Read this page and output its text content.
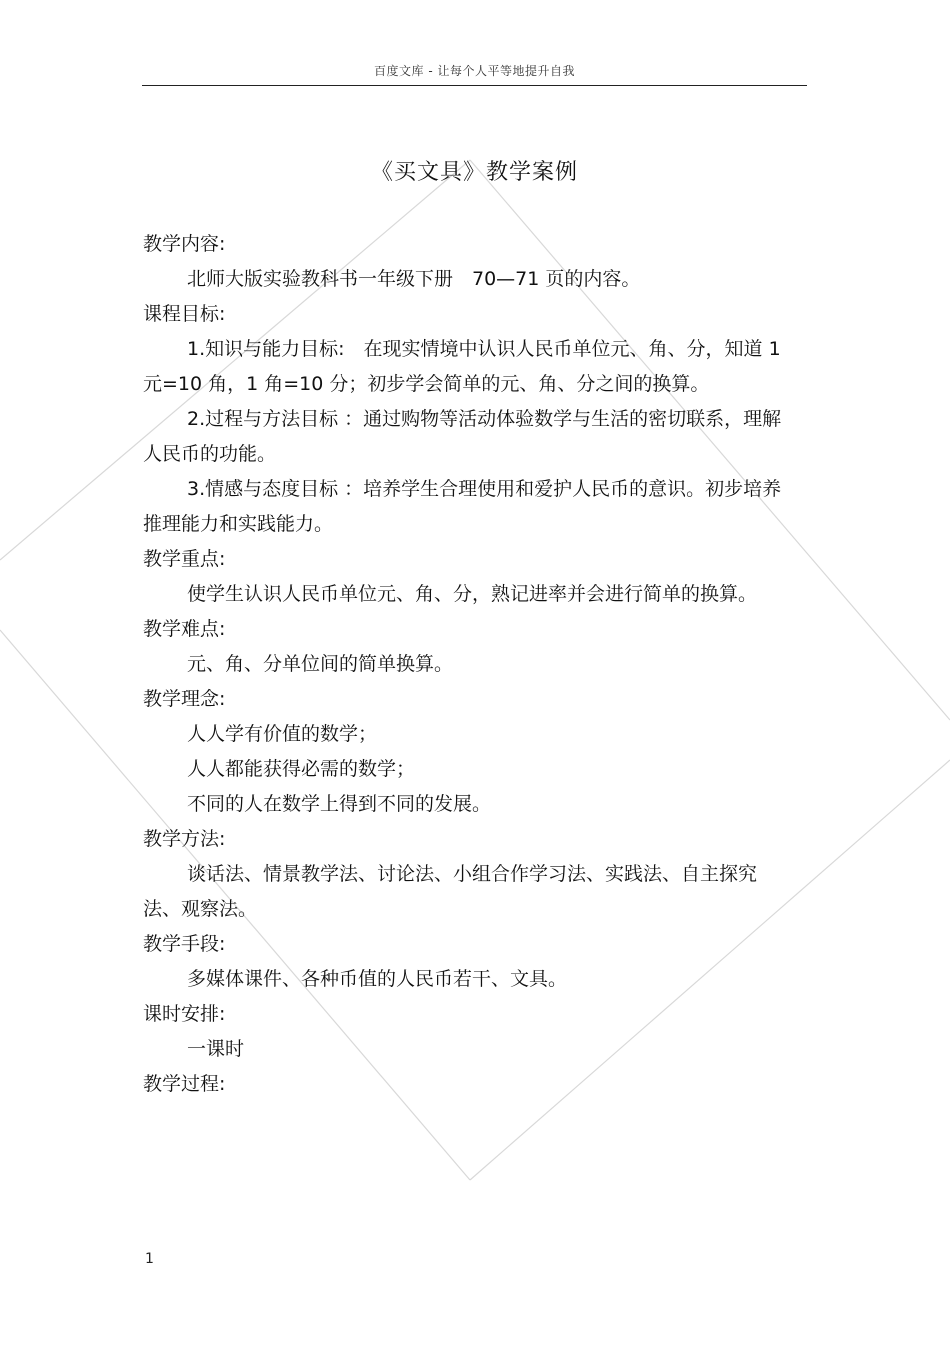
百度文库 - 让每个人平等地提升自我
《买文具》教学案例

教学内容:

北师大版实验教科书一年级下册　70—71 页的内容。

课程目标:

1.知识与能力目标:　在现实情境中认识人民币单位元、角、分，知道 1 元=10 角，1 角=10 分；初步学会简单的元、角、分之间的换算。

2.过程与方法目标 ：通过购物等活动体验数学与生活的密切联系，理解人民币的功能。

3.情感与态度目标 ：培养学生合理使用和爱护人民币的意识。初步培养推理能力和实践能力。

教学重点:

使学生认识人民币单位元、角、分，熟记进率并会进行简单的换算。

教学难点:

元、角、分单位间的简单换算。

教学理念:

人人学有价值的数学；

人人都能获得必需的数学；

不同的人在数学上得到不同的发展。

教学方法:

谈话法、情景教学法、讨论法、小组合作学习法、实践法、自主探究法、观察法。

教学手段:

多媒体课件、各种币值的人民币若干、文具。

课时安排:

一课时

教学过程:

1
